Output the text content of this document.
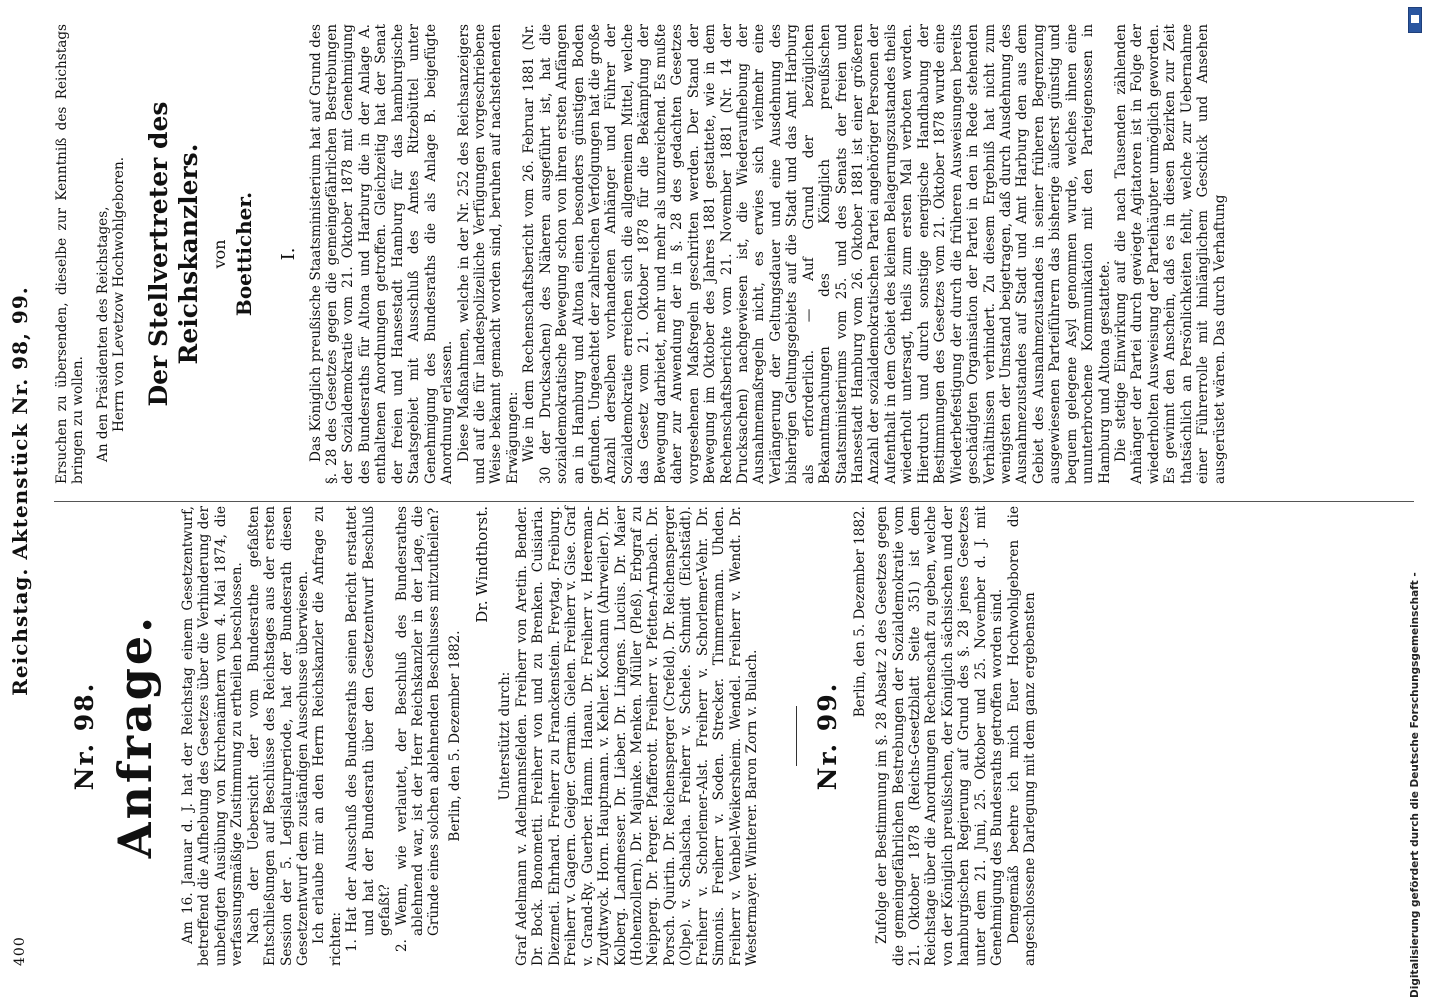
400
Reichstag. Aktenstück Nr. 98, 99.
Nr. 98. Anfrage. Am 16. Januar d. J. hat der Reichstag einem Gesetzentwurf, betreffend die Aufhebung des Gesetzes über die Verhinderung der unbefugten Ausübung von Kirchenämtern vom 4. Mai 1874, die verfassungsmäßige Zustimmung zu ertheilen beschlossen. Nach der Uebersicht der vom Bundesrathe gefaßten Entschließungen auf Beschlüsse des Reichstages aus der ersten Session der 5. Legislaturperiode, hat der Bundesrath diesen Gesetzentwurf dem zuständigen Ausschusse überwiesen. Ich erlaube mir an den Herrn Reichskanzler die Anfrage zu richten: 1. Hat der Ausschuß des Bundesraths seinen Bericht erstattet und hat der Bundesrath über den Gesetzentwurf Beschluß gefaßt? 2. Wenn, wie verlautet, der Beschluß des Bundesrathes ablehnend war, ist der Herr Reichskanzler in der Lage, die Gründe eines solchen ablehnenden Beschlusses mitzutheilen? Berlin, den 5. Dezember 1882.

Dr. Windthorst.

Unterstützt durch: Graf Adelmann v. Adelmannsfelden. Freiherr von Aretin. Bender. Dr. Bock. Bonometti. Freiherr von und zu Brenken. Cuisiaria. Diezmeti. Ehrhard. Freiherr zu Franckenstein. Freytag. Freiburg. Freiherr v. Gagern. Geiger. Germain. Gielen. Freiherr v. Gise. Graf v. Grand-Ry. Guerber. Hamm. Hanau. Dr. Freiherr v. Heereman-Zuydtwyck. Horn. Hauptmann. v. Kehler. Kochann (Ahrweiler). Dr. Kolberg. Landmesser. Dr. Lieber. Dr. Lingens. Lucius. Dr. Maier (Hohenzollern). Dr. Majunke. Menken. Müller (Pleß). Erbgraf zu Neipperg. Dr. Perger. Pfafferott. Freiherr v. Pfetten-Arnbach. Dr. Porsch. Quirtin. Dr. Reichensperger (Crefeld). Dr. Reichensperger (Olpe). v. Schalscha. Freiherr v. Schele. Schmidt (Eichstädt). Freiherr v. Schorlemer-Alst. Freiherr v. Schorlemer-Vehr. Dr. Simonis. Freiherr v. Soden. Strecker. Timmermann. Uhden. Freiherr v. Venbel-Weikersheim. Wendel. Freiherr v. Wendt. Dr. Westermayer. Winterer. Baron Zorn v. Bulach. Nr. 99.

Berlin, den 5. Dezember 1882. Zufolge der Bestimmung im §. 28 Absatz 2 des Gesetzes gegen die gemeingefährlichen Bestrebungen der Sozialdemokratie vom 21. Oktober 1878 (Reichs-Gesetzblatt Seite 351) ist dem Reichstage über die Anordnungen Rechenschaft zu geben, welche von der Königlich preußischen, der Königlich sächsischen und der hamburgischen Regierung auf Grund des §. 28 jenes Gesetzes unter dem 21. Juni, 25. Oktober und 25. November d. J. mit Genehmigung des Bundesraths getroffen worden sind. Demgemäß beehre ich mich Euer Hochwohlgeboren die angeschlossene Darlegung mit dem ganz ergebensten

Ersuchen zu übersenden, dieselbe zur Kenntniß des Reichstags bringen zu wollen. An den Präsidenten des Reichstages, Herrn von Levetzow Hochwohlgeboren. Der Stellvertreter des Reichskanzlers. von Boetticher. I. Das Königlich preußische Staatsministerium hat auf Grund des §. 28 des Gesetzes gegen die gemeingefährlichen Bestrebungen der Sozialdemokratie vom 21. Oktober 1878 mit Genehmigung des Bundesraths für Altona und Harburg die in der Anlage A. enthaltenen Anordnungen getroffen. Gleichzeitig hat der Senat der freien und Hansestadt Hamburg für das hamburgische Staatsgebiet mit Ausschluß des Amtes Ritzebüttel unter Genehmigung des Bundesraths die als Anlage B. beigefügte Anordnung erlassen. Diese Maßnahmen, welche in der Nr. 252 des Reichsanzeigers und auf die für landespolizeiliche Verfügungen vorgeschriebene Weise bekannt gemacht worden sind, beruhen auf nachstehenden Erwägungen: Wie in dem Rechenschaftsbericht vom 26. Februar 1881 (Nr. 30 der Drucksachen) des Näheren ausgeführt ist, hat die sozialdemokratische Bewegung schon von ihren ersten Anfängen an in Hamburg und Altona einen besonders günstigen Boden gefunden. Ungeachtet der zahlreichen Verfolgungen hat die große Anzahl derselben vorhandenen Anhänger und Führer der Sozialdemokratie erreichen sich die allgemeinen Mittel, welche das Gesetz vom 21. Oktober 1878 für die Bekämpfung der Bewegung darbietet, mehr und mehr als unzureichend. Es mußte daher zur Anwendung der in §. 28 des gedachten Gesetzes vorgesehenen Maßregeln geschritten werden. Der Stand der Bewegung im Oktober des Jahres 1881 gestattete, wie in dem Rechenschaftsberichte vom 21. November 1881 (Nr. 14 der Drucksachen) nachgewiesen ist, die Wiederaufhebung der Ausnahmemaßregeln nicht, es erwies sich vielmehr eine Verlängerung der Geltungsdauer und eine Ausdehnung des bisherigen Geltungsgebiets auf die Stadt und das Amt Harburg als erforderlich. — Auf Grund der bezüglichen Bekanntmachungen des Königlich preußischen Staatsministeriums vom 25. und des Senats der freien und Hansestadt Hamburg vom 26. Oktober 1881 ist einer größeren Anzahl der sozialdemokratischen Partei angehöriger Personen der Aufenthalt in dem Gebiet des kleinen Belagerungszustandes theils wiederholt untersagt, theils zum ersten Mal verboten worden. Hierdurch und durch sonstige energische Handhabung der Bestimmungen des Gesetzes vom 21. Oktober 1878 wurde eine Wiederbefestigung der durch die früheren Ausweisungen bereits geschädigten Organisation der Partei in den in Rede stehenden Verhältnissen verhindert. Zu diesem Ergebniß hat nicht zum wenigsten der Umstand beigetragen, daß durch Ausdehnung des Ausnahmezustandes auf Stadt und Amt Harburg den aus dem Gebiet des Ausnahmezustandes in seiner früheren Begrenzung ausgewiesenen Parteiführern das bisherige äußerst günstig und bequem gelegene Asyl genommen wurde, welches ihnen eine ununterbrochene Kommunikation mit den Parteigenossen in Hamburg und Altona gestattete. Die stetige Einwirkung auf die nach Tausenden zählenden Anhänger der Partei durch gewiegte Agitatoren ist in Folge der wiederholten Ausweisung der Parteihäupter unmöglich geworden. Es gewinnt den Anschein, daß es in diesen Bezirken zur Zeit thatsächlich an Persönlichkeiten fehlt, welche zur Uebernahme einer Führerrolle mit hinlänglichem Geschick und Ansehen ausgerüstet wären. Das durch Verhaftung

Digitalisierung gefördert durch die Deutsche Forschungsgemeinschaft -
